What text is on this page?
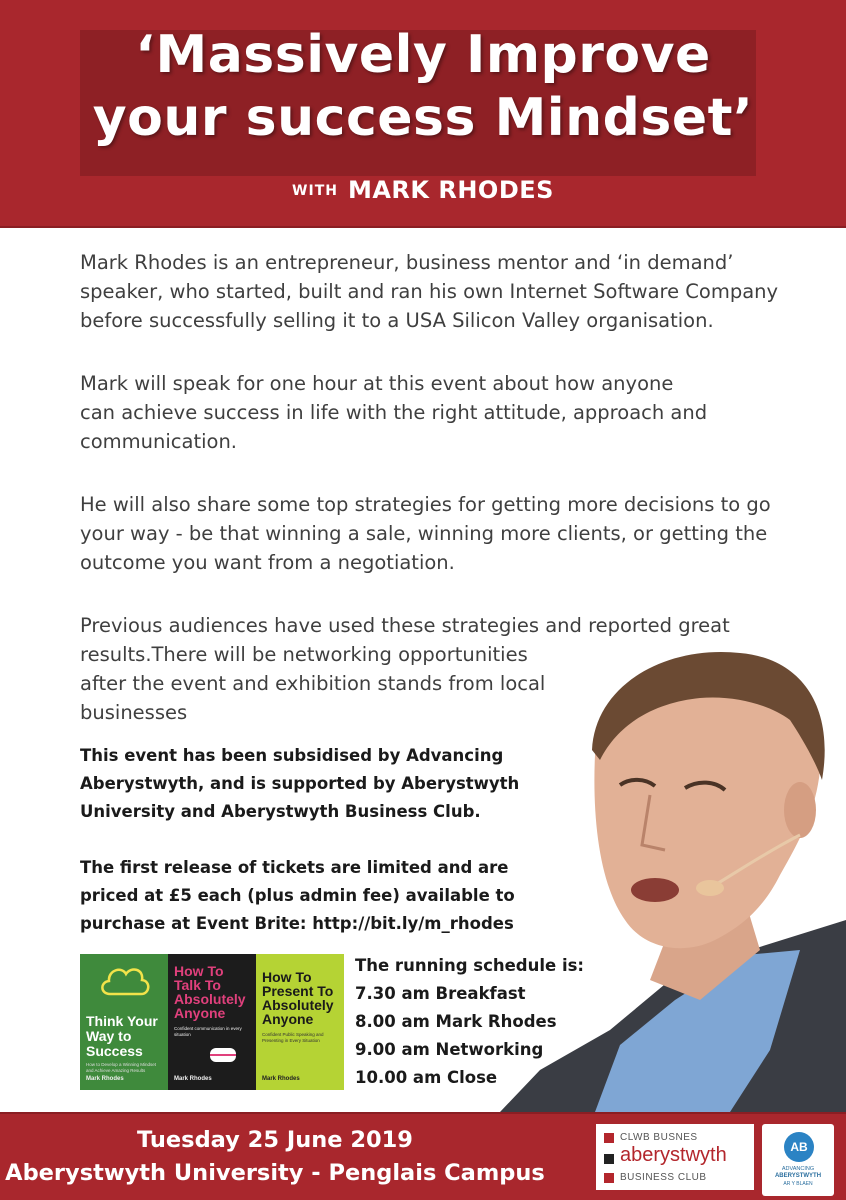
‘Massively Improve
your success Mindset’
WITH MARK RHODES
Mark Rhodes is an entrepreneur, business mentor and ‘in demand’
speaker, who started, built and ran his own Internet Software Company
before successfully selling it to a USA Silicon Valley organisation.
Mark will speak for one hour at this event about how anyone
can achieve success in life with the right attitude, approach and
communication.
He will also share some top strategies for getting more decisions to go
your way - be that winning a sale, winning more clients, or getting the
outcome you want from a negotiation.
Previous audiences have used these strategies and reported great
results.There will be networking opportunities
after the event and exhibition stands from local
businesses
This event has been subsidised by Advancing
Aberystwyth, and is supported by Aberystwyth
University and Aberystwyth Business Club.
The first release of tickets are limited and are
priced at £5 each (plus admin fee) available to
purchase at Event Brite: http://bit.ly/m_rhodes
Think Your
Way to
Success
How to Develop a Winning Mindset and Achieve Amazing Results
Mark Rhodes
How To
Talk To
Absolutely
Anyone
Confident communication in every situation
Mark Rhodes
How To
Present To
Absolutely
Anyone
Confident Public Speaking and Presenting in Every Situation
Mark Rhodes
The running schedule is:
7.30 am Breakfast
8.00 am Mark Rhodes
9.00 am Networking
10.00 am Close
Tuesday 25 June 2019
Aberystwyth University - Penglais Campus
CLWB BUSNES
aberystwyth
BUSINESS CLUB
AB
ADVANCING
ABERYSTWYTH
AR Y BLAEN
